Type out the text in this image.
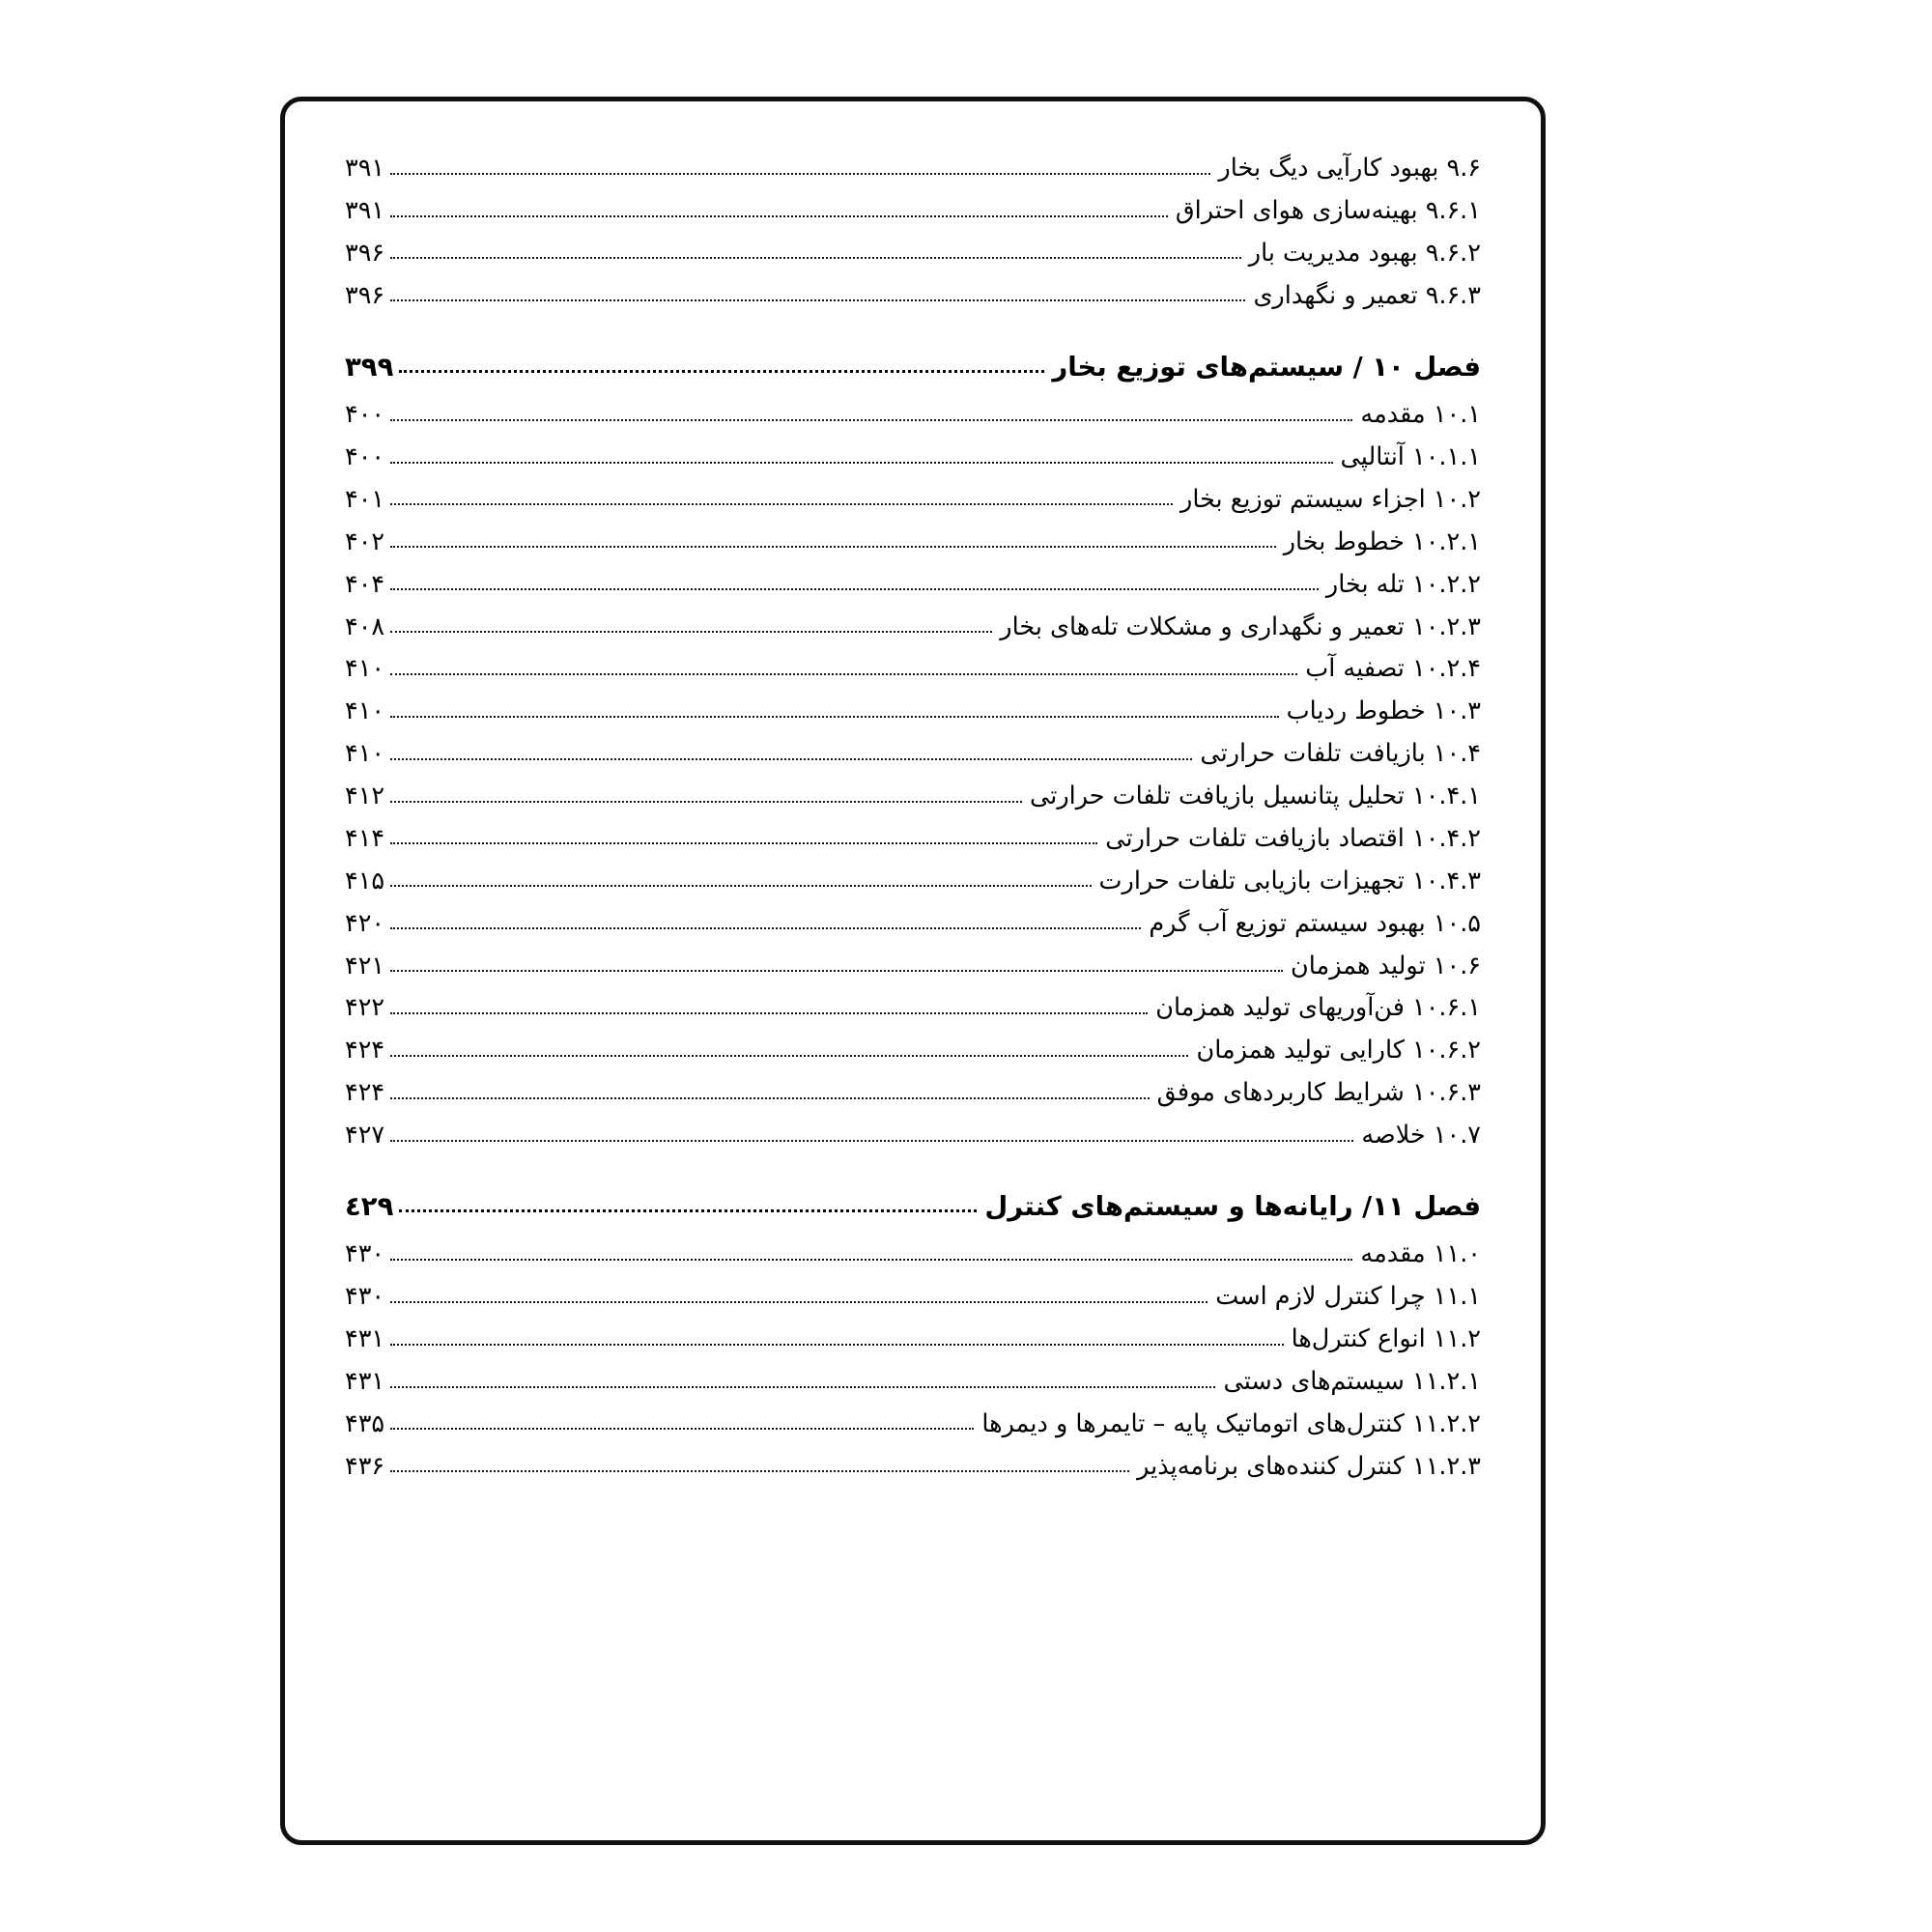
۹.۶ بهبود کارآیی دیگ بخار
۳۹۱
۹.۶.۱ بهینه‌سازی هوای احتراق
۳۹۱
۹.۶.۲ بهبود مدیریت بار
۳۹۶
۹.۶.۳ تعمیر و نگهداری
۳۹۶
فصل ۱۰ / سیستم‌های توزیع بخار
۳۹۹
۱۰.۱ مقدمه
۴۰۰
۱۰.۱.۱ آنتالپی
۴۰۰
۱۰.۲ اجزاء سیستم توزیع بخار
۴۰۱
۱۰.۲.۱ خطوط بخار
۴۰۲
۱۰.۲.۲ تله بخار
۴۰۴
۱۰.۲.۳ تعمیر و نگهداری و مشکلات تله‌های بخار
۴۰۸
۱۰.۲.۴ تصفیه آب
۴۱۰
۱۰.۳ خطوط ردیاب
۴۱۰
۱۰.۴ بازیافت تلفات حرارتی
۴۱۰
۱۰.۴.۱ تحلیل پتانسیل بازیافت تلفات حرارتی
۴۱۲
۱۰.۴.۲ اقتصاد بازیافت تلفات حرارتی
۴۱۴
۱۰.۴.۳ تجهیزات بازیابی تلفات حرارت
۴۱۵
۱۰.۵ بهبود سیستم توزیع آب گرم
۴۲۰
۱۰.۶ تولید همزمان
۴۲۱
۱۰.۶.۱ فن‌آوریهای تولید همزمان
۴۲۲
۱۰.۶.۲ کارایی تولید همزمان
۴۲۴
۱۰.۶.۳ شرایط کاربردهای موفق
۴۲۴
۱۰.۷ خلاصه
۴۲۷
فصل ۱۱/ رایانه‌ها و سیستم‌های کنترل
٤۲۹
۱۱.۰ مقدمه
۴۳۰
۱۱.۱ چرا کنترل لازم است
۴۳۰
۱۱.۲ انواع کنترل‌ها
۴۳۱
۱۱.۲.۱ سیستم‌های دستی
۴۳۱
۱۱.۲.۲ کنترل‌های اتوماتیک پایه – تایمرها و دیمرها
۴۳۵
۱۱.۲.۳ کنترل کننده‌های برنامه‌پذیر
۴۳۶
